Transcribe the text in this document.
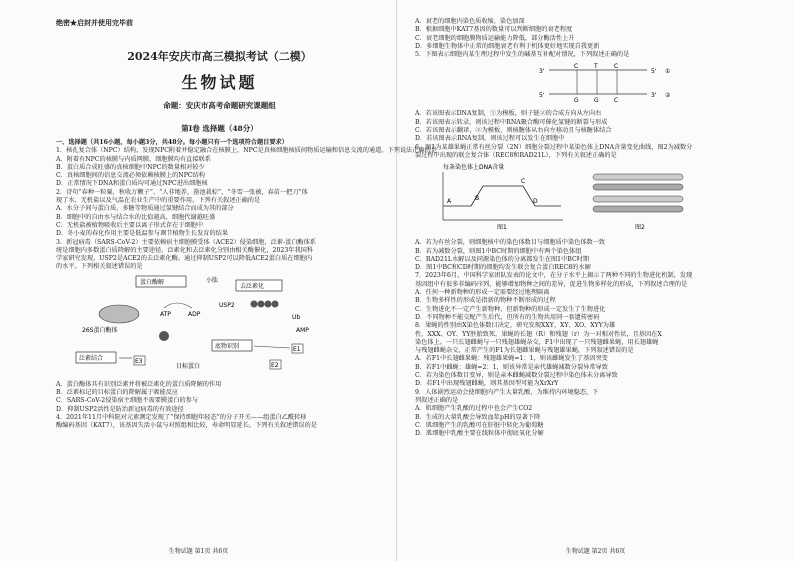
绝密★启封并使用完毕前

2024年安庆市高三模拟考试（二模）

生物试题

命题：安庆市高考命题研究课题组

第Ⅰ卷 选择题（48分）

一、选择题（共16小题，每小题3分，共48分。每小题只有一个选项符合题目要求）

1．核孔复合体（NPC）结构，发现NPC附着并稳定融合在核膜上，NPC是真核细胞核质间物质运输和信息交流的通道。下列说法正确的是

A．附着有NPC的核膜与内质网膜、细胞膜均有直接联系

B．蛋白质合成旺盛的真核细胞中NPC的数量相对较少

C．真核细胞间的信息交流必须依赖核膜上的NPC结构

D．正常情况下DNA和蛋白质均可通过NPC进出细胞核

2．诗句“春种一粒粟，秋收万颗子”、“人非地养，凿池栽棕”，“冬雪一张被，春苗一把刀”体

现了水、无机盐以及气温在农业生产中的重要作用。下列有关叙述正确的是

A．水分子间与蛋白质、多糖等物质通过氢键结合而成为其的部分

B．细胞中的自由水与结合水的比值越高，细胞代谢越旺盛

C．无机盐被植物吸收后主要以离子形式存在于细胞中

D．冬小麦的春化作用主要是低温参与调节植物生长发育的结果

3．新冠病毒（SARS-CoV-2）主要依赖宿主细胞膜受体（ACE2）侵染细胞，泛素-蛋白酶体系

统是细胞内多数蛋白质降解的主要途径。泛素化和去泛素化分别由相关酶催化，2023年我国科

学家研究发现，USP2是ACE2的去泛素化酶。通过抑制USP2可以降低ACE2蛋白质在细胞内

的水平。下列相关叙述错误的是

蛋白酶解
去泛素化
小肽
26S蛋白酶体
ATP	ADP
USP2
Ub
AMP
泛素结合
底物识别	E1
E2
E3
目标蛋白

A．蛋白酶体具有识别泛素并将被泛素化的蛋白质降解的作用

B．泛素标记的目标蛋白的降解属于吸能反应

C．SARS-CoV-2侵染宿主细胞不需要膜蛋白的参与

D．抑制USP2活性是防治新冠病毒的有效途径

4．2021年11月中科院对元素测定发现了“保持细胞年轻态”的分子开关——组蛋白乙酰转移

酶编码基因（KAT7），该基因失活小鼠与对照组相比较，寿命明显延长。下列有关叙述错误的是

生物试题 第1页 共6页

A．衰老的细胞内染色质收缩，染色加深

B．根据细胞中KAT7基因的数量可以判断细胞的衰老程度

C．衰老细胞的细胞膜物质运输能力降低，部分酶活性上升

D．多细胞生物体中正常的细胞衰老有利于机体更好地实现自我更新

5．下图表示细胞内某生理过程中发生的碱基互补配对情况，下列叙述正确的是

3'	5' ①
5'	3' ②
C	T	C
G	G	C

A．若该图表示DNA复制，①为模板，则子链②的合成方向从左向右

B．若该图表示转录，则该过程中RNA聚合酶可催化氢键的断裂与形成

C．若该图表示翻译，②为模板，则核糖体从右向左移动且与核糖体结合

D．若该图表示RNA复制，则该过程可以发生在细胞中

6．图1为某雄果蝇正常有丝分裂（2N）细胞分裂过程中某染色体上DNA含量变化曲线，图2为减数分

裂过程中出现的联会复合体（REC8和RAD21L），下列有关叙述正确的是

每条染色体上DNA含量
A	B
C
D
图1	图2

A．若为有丝分裂，则细胞核中的染色体数目与细胞质中染色体数一致

B．若为减数分裂，则图1中BC时期的细胞中有两个染色体组

C．RAD21L水解以及同源染色体的分离都发生在图1中BC时期

D．图1中BC和CD时期的细胞均发生联会复合蛋白REC8的水解

7．2023年6月，中国科学家团队发表的论文中，在分子水平上揭示了两种不同的生物进化机制，发现

基因组中有很多非编码序列，能够增加物种之间的差异，促进生物多样化的形成，下列叙述合理的是

A．任何一种新物种的形成一定需要经过地理隔离

B．生物多样性的形成是指新的物种不断形成的过程

C．生物进化不一定产生新物种，但新物种的形成一定发生了生物进化

D．不同物种不能交配产生后代，但所有的生物共用同一套遗传密码

8．果蝇的性别由X染色体数目决定，研究发现XXY、XY、XO、XYY为雄

性，XXX、OY、YY胚胎致死，果蝇的长翅（R）和残翅（r）为一对相对性状，且基因在X

染色体上。一只长翅雌蝇与一只残翅雄蝇杂交，F1中出现了一只残翅雌果蝇，用长翅雄蝇

与残翅雌蝇杂交，正常产生的F1为长翅雌果蝇与残翅雄果蝇，下列叙述错误的是

A．若F1中长翅雌果蝇：残翅雄果蝇=1：1，则该雌蝇发生了基因突变

B．若F1中雌蝇：雄蝇=2：1，则该异常是亲代雄蝇减数分裂异常导致

C．若为染色体数目变异，则是亲本雌蝇减数分裂过程中染色体未分离导致

D．若F1中出现残翅雌蝇，则其基因型可能为XrXrY

9．人体剧烈运动会使细胞内产生大量乳酸，为维持内环境稳态，下

列叙述正确的是

A．肌细胞产生乳酸的过程中也会产生CO2

B．生成的大量乳酸会导致血浆pH的显著下降

C．肌细胞产生的乳酸可在肝脏中转化为葡萄糖

D．肌细胞中乳酸主要在线粒体中彻底氧化分解

生物试题 第2页 共6页
